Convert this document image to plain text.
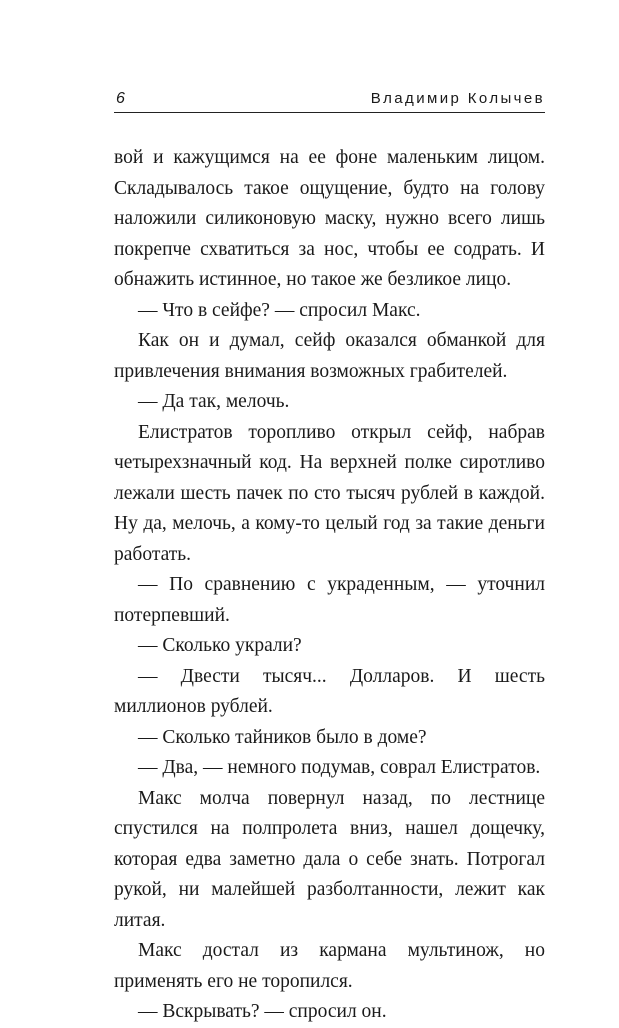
6	Владимир Колычев

вой и кажущимся на ее фоне маленьким лицом. Складывалось такое ощущение, будто на голову наложили силиконовую маску, нужно всего лишь покрепче схватиться за нос, чтобы ее содрать. И обнажить истинное, но такое же безликое лицо.

— Что в сейфе? — спросил Макс.

Как он и думал, сейф оказался обманкой для привлечения внимания возможных грабителей.

— Да так, мелочь.

Елистратов торопливо открыл сейф, набрав четырехзначный код. На верхней полке сиротливо лежали шесть пачек по сто тысяч рублей в каждой. Ну да, мелочь, а кому-то целый год за такие деньги работать.

— По сравнению с украденным, — уточнил потерпевший.

— Сколько украли?

— Двести тысяч... Долларов. И шесть миллионов рублей.

— Сколько тайников было в доме?

— Два, — немного подумав, соврал Елистратов.

Макс молча повернул назад, по лестнице спустился на полпролета вниз, нашел дощечку, которая едва заметно дала о себе знать. Потрогал рукой, ни малейшей разболтанности, лежит как литая.

Макс достал из кармана мультинож, но применять его не торопился.

— Вскрывать? — спросил он.
